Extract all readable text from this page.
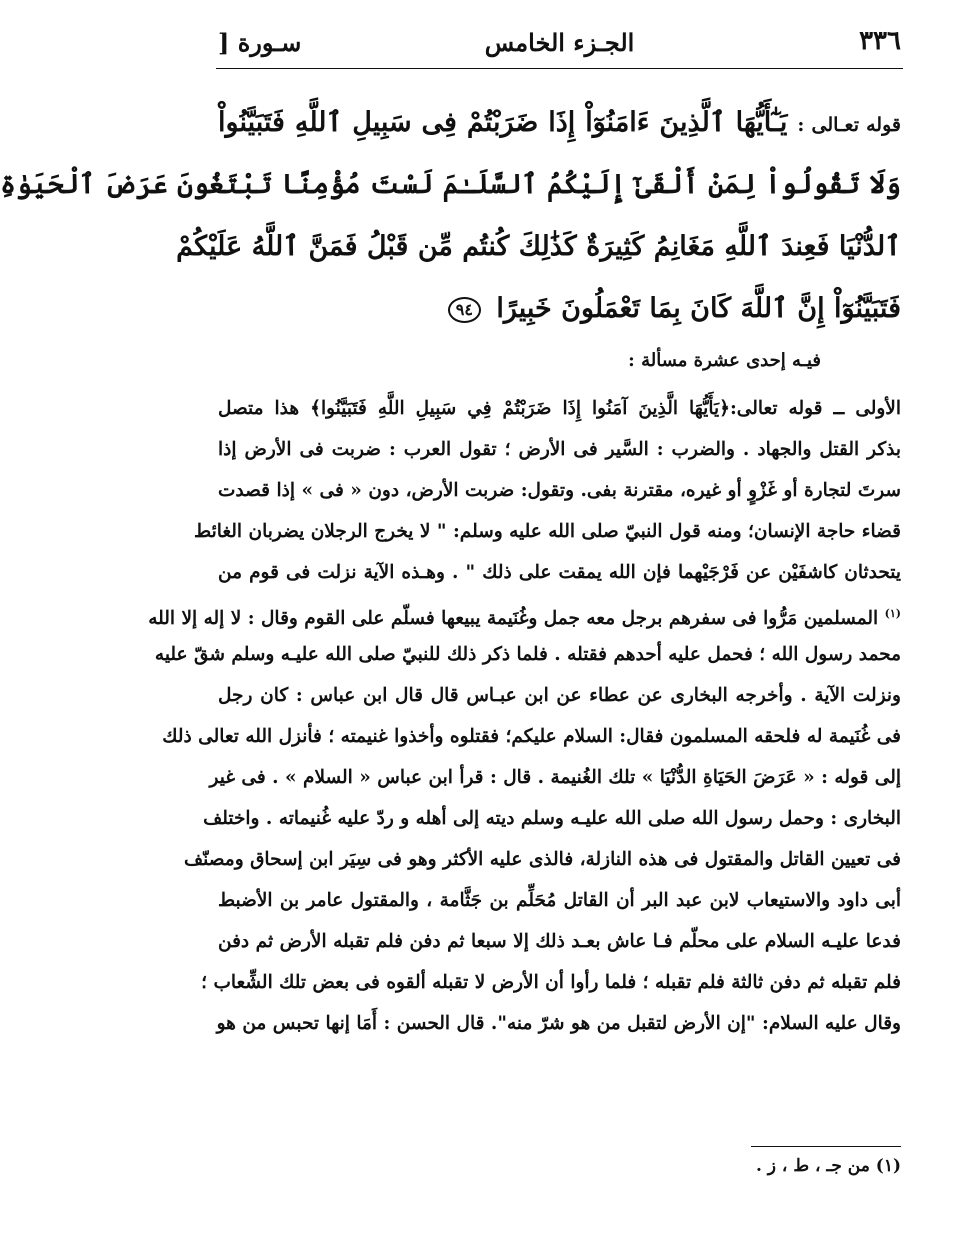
٣٣٦
الجـزء الخامس
سـورة [
قوله تعـالى : يَـٰٓأَيُّهَا ٱلَّذِينَ ءَامَنُوٓاْ إِذَا ضَرَبْتُمْ فِى سَبِيلِ ٱللَّهِ فَتَبَيَّنُواْ
وَلَا تَقُولُواْ لِمَنْ أَلْقَىٰٓ إِلَيْكُمُ ٱلسَّلَـٰمَ لَسْتَ مُؤْمِنًا تَبْتَغُونَ عَرَضَ ٱلْحَيَوٰةِ
ٱلدُّنْيَا فَعِندَ ٱللَّهِ مَغَانِمُ كَثِيرَةٌ كَذَٰلِكَ كُنتُم مِّن قَبْلُ فَمَنَّ ٱللَّهُ عَلَيْكُمْ
فَتَبَيَّنُوٓاْ إِنَّ ٱللَّهَ كَانَ بِمَا تَعْمَلُونَ خَبِيرًا ٩٤
فيـه إحدى عشرة مسألة :
الأولى ــ قوله تعالى:﴿يَأَيُّهَا الَّذِينَ آمَنُوا إِذَا ضَرَبْتُمْ فِي سَبِيلِ اللَّهِ فَتَبَيَّنُوا﴾ هذا متصل
بذكر القتل والجهاد . والضرب : السَّير فى الأرض ؛ تقول العرب : ضربت فى الأرض إذا
سرتَ لتجارة أو غَزْوٍ أو غيره، مقترنة بفى. وتقول: ضربت الأرض، دون « فى » إذا قصدت
قضاء حاجة الإنسان؛ ومنه قول النبيّ صلى الله عليه وسلم: " لا يخرج الرجلان يضربان الغائط
يتحدثان كاشفَيْن عن فَرْجَيْهما فإن الله يمقت على ذلك " . وهـذه الآية نزلت فى قوم من
$^{(١)}$ المسلمين مَرُّوا فى سفرهم برجل معه جمل وغُنَيمة يبيعها فسلّم على القوم وقال : لا إله إلا الله
محمد رسول الله ؛ فحمل عليه أحدهم فقتله . فلما ذكر ذلك للنبيّ صلى الله عليـه وسلم شقّ عليه
ونزلت الآية . وأخرجه البخارى عن عطاء عن ابن عبـاس قال قال ابن عباس : كان رجل
فى غُنَيمة له فلحقه المسلمون فقال: السلام عليكم؛ فقتلوه وأخذوا غنيمته ؛ فأنزل الله تعالى ذلك
إلى قوله : « عَرَضَ الحَيَاةِ الدُّنْيَا » تلك الغُنيمة . قال : قرأ ابن عباس « السلام » . فى غير
البخارى : وحمل رسول الله صلى الله عليـه وسلم ديته إلى أهله و ردّ عليه غُنيماته . واختلف
فى تعيين القاتل والمقتول فى هذه النازلة، فالذى عليه الأكثر وهو فى سِيَر ابن إسحاق ومصنّف
أبى داود والاستيعاب لابن عبد البر أن القاتل مُحَلِّم بن جَثَّامة ، والمقتول عامر بن الأضبط
فدعا عليـه السلام على محلّم فـا عاش بعـد ذلك إلا سبعا ثم دفن فلم تقبله الأرض ثم دفن
فلم تقبله ثم دفن ثالثة فلم تقبله ؛ فلما رأوا أن الأرض لا تقبله ألقوه فى بعض تلك الشِّعاب ؛
وقال عليه السلام: "إن الأرض لتقبل من هو شرّ منه". قال الحسن : أَمَا إنها تحبس من هو
(١) من جـ ، ط ، ز .
